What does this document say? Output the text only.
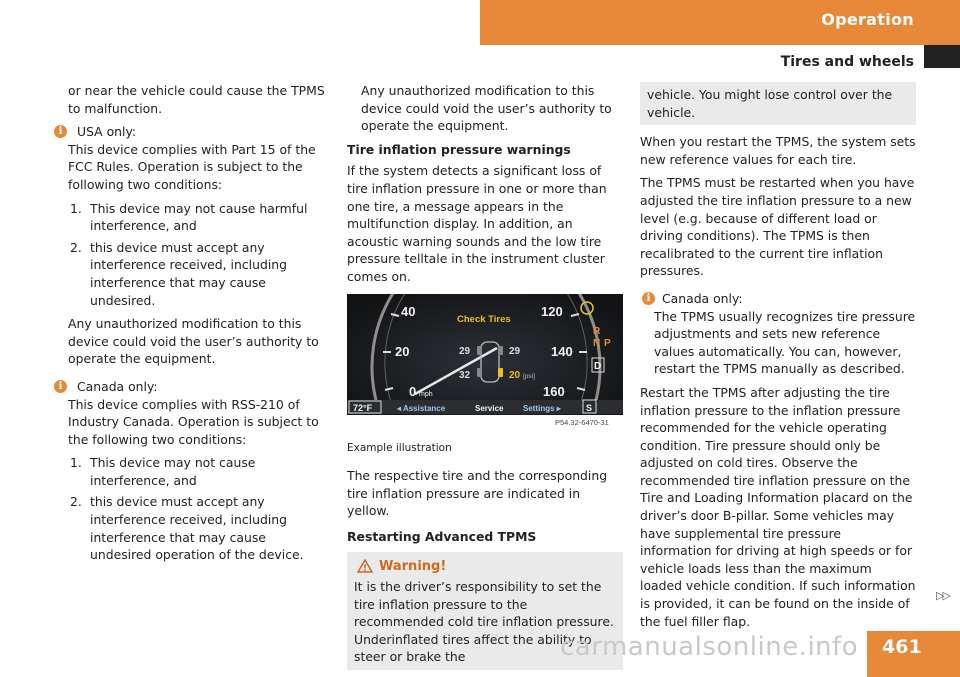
Operation
Tires and wheels

or near the vehicle could cause the TPMS to malfunction.

i	USA only:
This device complies with Part 15 of the FCC Rules. Operation is subject to the following two conditions:
1. This device may not cause harmful interference, and
2. this device must accept any interference received, including interference that may cause undesired.

Any unauthorized modification to this device could void the user’s authority to operate the equipment.

i	Canada only:
This device complies with RSS-210 of Industry Canada. Operation is subject to the following two conditions:
1. This device may not cause interference, and
2. this device must accept any interference received, including interference that may cause undesired operation of the device.

Any unauthorized modification to this device could void the user’s authority to operate the equipment.

Tire inflation pressure warnings

If the system detects a significant loss of tire inflation pressure in one or more than one tire, a message appears in the multifunction display. In addition, an acoustic warning sounds and the low tire pressure telltale in the instrument cluster comes on.

Check Tires
40
20
0 mph
120
140
160
29	29
32	20 [psi]
72°F	◂ Assistance	Service Settings ▸
R
N P
D
S
P54.32-6470-31
Example illustration

The respective tire and the corresponding tire inflation pressure are indicated in yellow.

Restarting Advanced TPMS
Warning!
It is the driver’s responsibility to set the tire inflation pressure to the recommended cold tire inflation pressure. Underinflated tires affect the ability to steer or brake the
vehicle. You might lose control over the vehicle.

When you restart the TPMS, the system sets new reference values for each tire.

The TPMS must be restarted when you have adjusted the tire inflation pressure to a new level (e.g. because of different load or driving conditions). The TPMS is then recalibrated to the current tire inflation pressures.

i Canada only:
The TPMS usually recognizes tire pressure adjustments and sets new reference values automatically. You can, however, restart the TPMS manually as described.

Restart the TPMS after adjusting the tire inflation pressure to the inflation pressure recommended for the vehicle operating condition. Tire pressure should only be adjusted on cold tires. Observe the recommended tire inflation pressure on the Tire and Loading Information placard on the driver’s door B-pillar. Some vehicles may have supplemental tire pressure information for driving at high speeds or for vehicle loads less than the maximum loaded vehicle condition. If such information is provided, it can be found on the inside of the fuel filler flap.

▷▷
carmanualsonline.info	461
